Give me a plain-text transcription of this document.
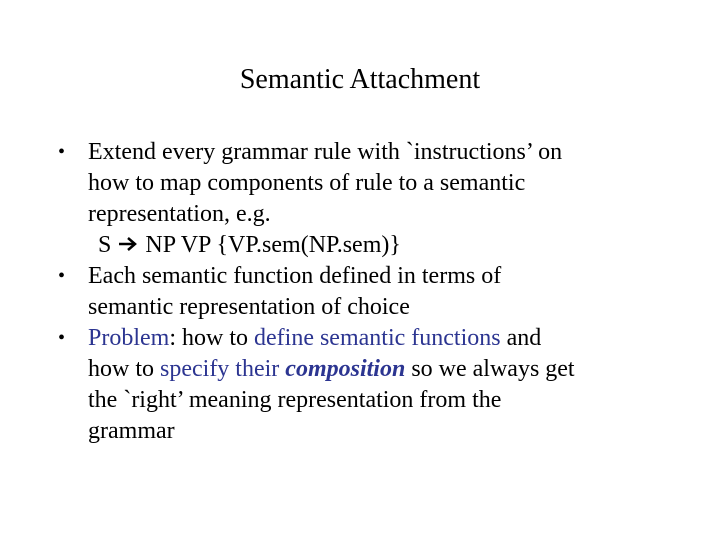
Semantic Attachment
• Extend every grammar rule with `instructions’ on
how to map components of rule to a semantic
representation, e.g.
S NP VP {VP.sem(NP.sem)}
• Each semantic function defined in terms of
semantic representation of choice
• Problem: how to define semantic functions and
how to specify their composition so we always get
the `right’ meaning representation from the
grammar
